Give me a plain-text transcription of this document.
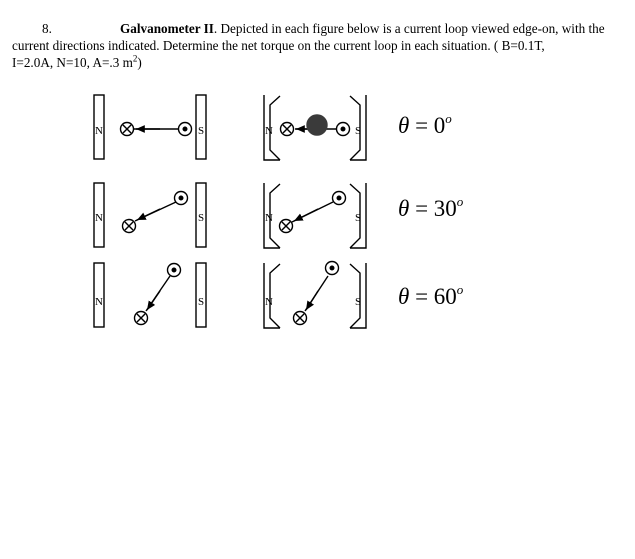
8.	Galvanometer II. Depicted in each figure below is a current loop viewed edge-on, with the
current directions indicated. Determine the net torque on the current loop in each situation. ( B=0.1T,
I=2.0A, N=10, A=.3 $m^2$)
N	S	N	S
N	S	N	S
N	S	N	S
$\theta = 0^o$
$\theta = 30^o$
$\theta = 60^o$
